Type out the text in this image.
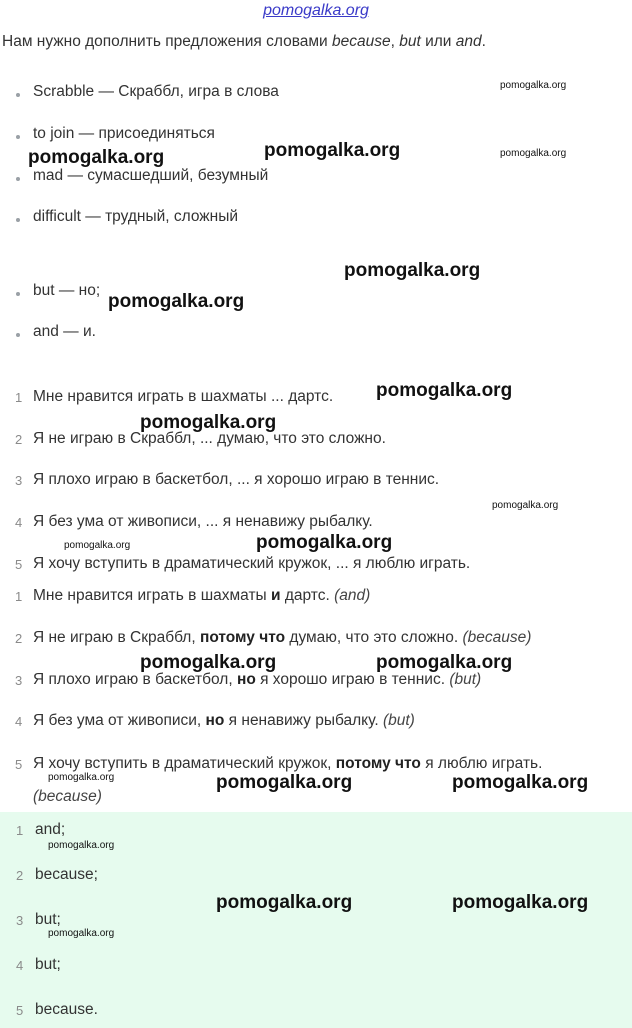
pomogalka.org
Нам нужно дополнить предложения словами because, but или and.
Scrabble — Скраббл, игра в слова
to join — присоединяться
mad — сумасшедший, безумный
difficult — трудный, сложный
but — но;
and — и.
1 Мне нравится играть в шахматы ... дартс.
2 Я не играю в Скраббл, ... думаю, что это сложно.
3 Я плохо играю в баскетбол, ... я хорошо играю в теннис.
4 Я без ума от живописи, ... я ненавижу рыбалку.
5 Я хочу вступить в драматический кружок, ... я люблю играть.
1 Мне нравится играть в шахматы и дартс. (and)
2 Я не играю в Скраббл, потому что думаю, что это сложно. (because)
3 Я плохо играю в баскетбол, но я хорошо играю в теннис. (but)
4 Я без ума от живописи, но я ненавижу рыбалку. (but)
5 Я хочу вступить в драматический кружок, потому что я люблю играть.
(because)
1 and;
2 because;
3 but;
4 but;
5 because.
pomogalka.org
pomogalka.org	pomogalka.org	pomogalka.org
pomogalka.org
pomogalka.org
pomogalka.org
pomogalka.org
pomogalka.org
pomogalka.org	pomogalka.org
pomogalka.org	pomogalka.org
pomogalka.org	pomogalka.org	pomogalka.org
pomogalka.org
pomogalka.org	pomogalka.org
pomogalka.org
